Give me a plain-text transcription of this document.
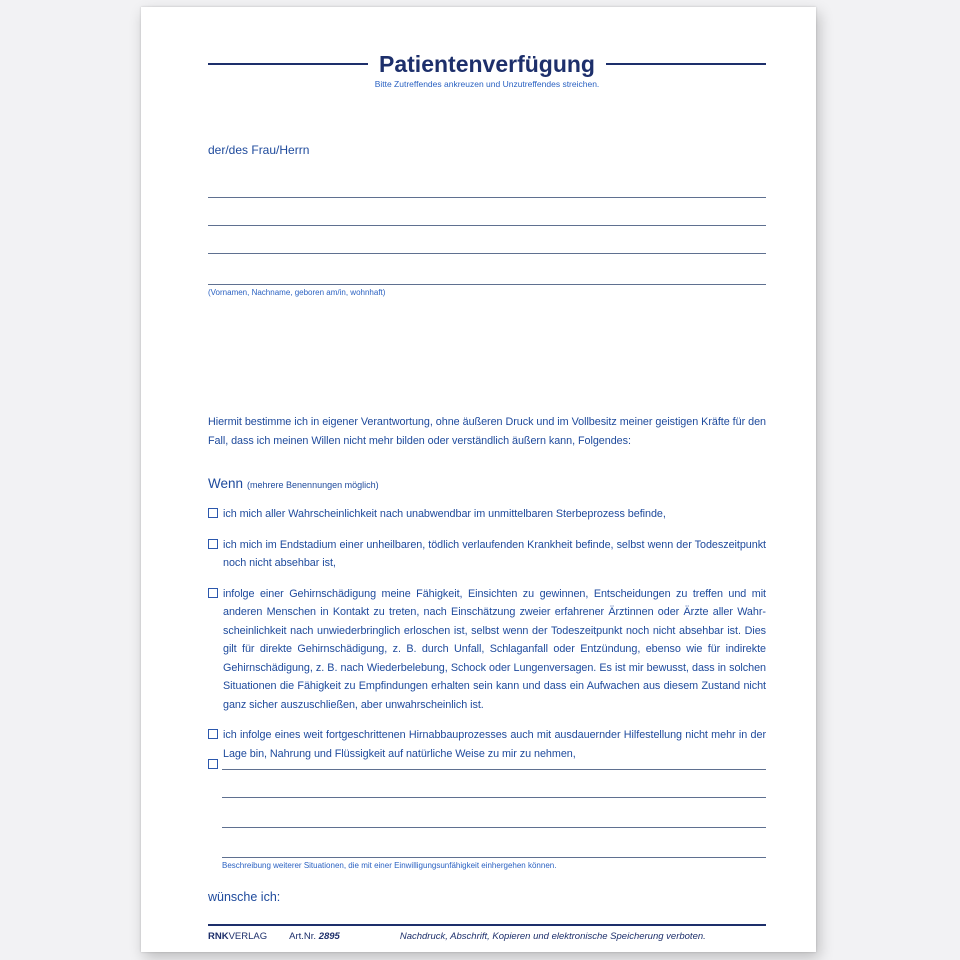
Patientenverfügung
Bitte Zutreffendes ankreuzen und Unzutreffendes streichen.
der/des Frau/Herrn
(Vornamen, Nachname, geboren am/in, wohnhaft)

Hiermit bestimme ich in eigener Verantwortung, ohne äußeren Druck und im Vollbesitz meiner geistigen Kräfte für den Fall, dass ich meinen Willen nicht mehr bilden oder verständlich äußern kann, Folgendes:

Wenn (mehrere Benennungen möglich)
ich mich aller Wahrscheinlichkeit nach unabwendbar im unmittelbaren Sterbeprozess befinde,
ich mich im Endstadium einer unheilbaren, tödlich verlaufenden Krankheit befinde, selbst wenn der Todeszeitpunkt noch nicht absehbar ist,
infolge einer Gehirnschädigung meine Fähigkeit, Einsichten zu gewinnen, Entscheidungen zu treffen und mit anderen Menschen in Kontakt zu treten, nach Einschätzung zweier erfahrener Ärztinnen oder Ärzte aller Wahrscheinlichkeit nach unwiederbringlich erloschen ist, selbst wenn der Todeszeitpunkt noch nicht absehbar ist. Dies gilt für direkte Gehirnschädigung, z. B. durch Unfall, Schlaganfall oder Entzündung, ebenso wie für indirekte Gehirnschädigung, z. B. nach Wiederbelebung, Schock oder Lungenversagen. Es ist mir bewusst, dass in solchen Situationen die Fähigkeit zu Empfindungen erhalten sein kann und dass ein Aufwachen aus diesem Zustand nicht ganz sicher auszuschließen, aber unwahrscheinlich ist.
ich infolge eines weit fortgeschrittenen Hirnabbauprozesses auch mit ausdauernder Hilfestellung nicht mehr in der Lage bin, Nahrung und Flüssigkeit auf natürliche Weise zu mir zu nehmen,
Beschreibung weiterer Situationen, die mit einer Einwilligungsunfähigkeit einhergehen können.
wünsche ich:
RNKVERLAG Art.Nr. 2895	Nachdruck, Abschrift, Kopieren und elektronische Speicherung verboten.
